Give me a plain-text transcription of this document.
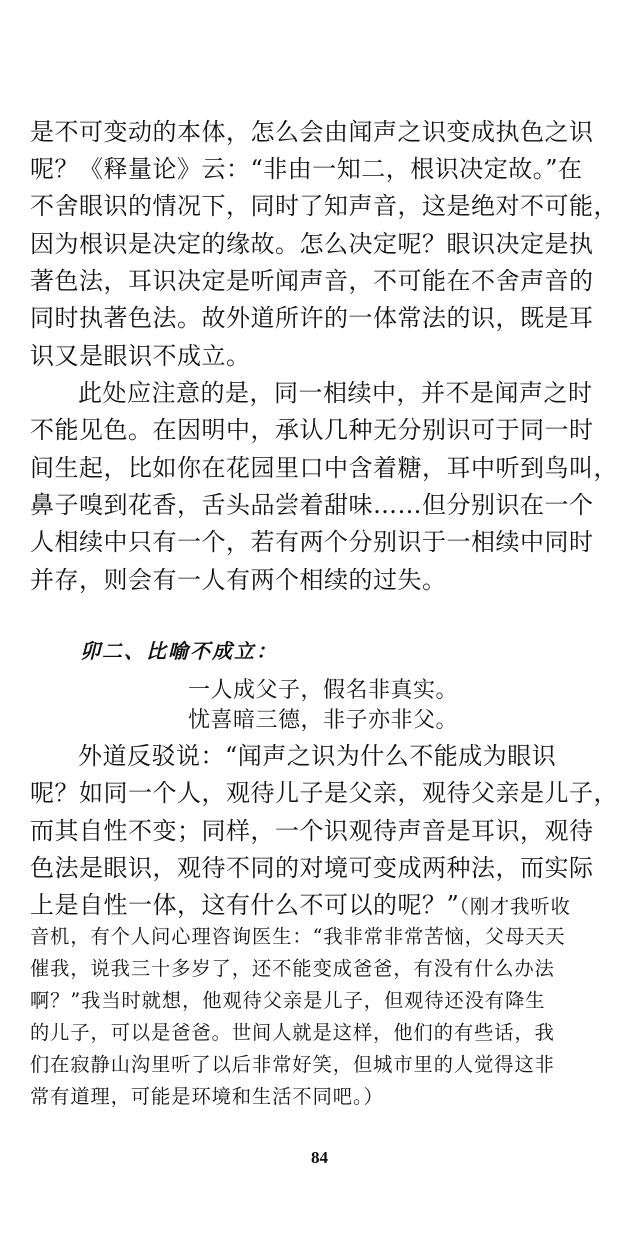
是不可变动的本体，怎么会由闻声之识变成执色之识
呢？《释量论》云：“非由一知二，根识决定故。”在
不舍眼识的情况下，同时了知声音，这是绝对不可能，
因为根识是决定的缘故。怎么决定呢？眼识决定是执
著色法，耳识决定是听闻声音，不可能在不舍声音的
同时执著色法。故外道所许的一体常法的识，既是耳
识又是眼识不成立。
此处应注意的是，同一相续中，并不是闻声之时
不能见色。在因明中，承认几种无分别识可于同一时
间生起，比如你在花园里口中含着糖，耳中听到鸟叫，
鼻子嗅到花香，舌头品尝着甜味……但分别识在一个
人相续中只有一个，若有两个分别识于一相续中同时
并存，则会有一人有两个相续的过失。
卯二、比喻不成立：
一人成父子，假名非真实。
忧喜暗三德，非子亦非父。
外道反驳说：“闻声之识为什么不能成为眼识
呢？如同一个人，观待儿子是父亲，观待父亲是儿子，
而其自性不变；同样，一个识观待声音是耳识，观待
色法是眼识，观待不同的对境可变成两种法，而实际
上是自性一体，这有什么不可以的呢？”（刚才我听收
音机，有个人问心理咨询医生：“我非常非常苦恼，父母天天
催我，说我三十多岁了，还不能变成爸爸，有没有什么办法
啊？”我当时就想，他观待父亲是儿子，但观待还没有降生
的儿子，可以是爸爸。世间人就是这样，他们的有些话，我
们在寂静山沟里听了以后非常好笑，但城市里的人觉得这非
常有道理，可能是环境和生活不同吧。）
84
